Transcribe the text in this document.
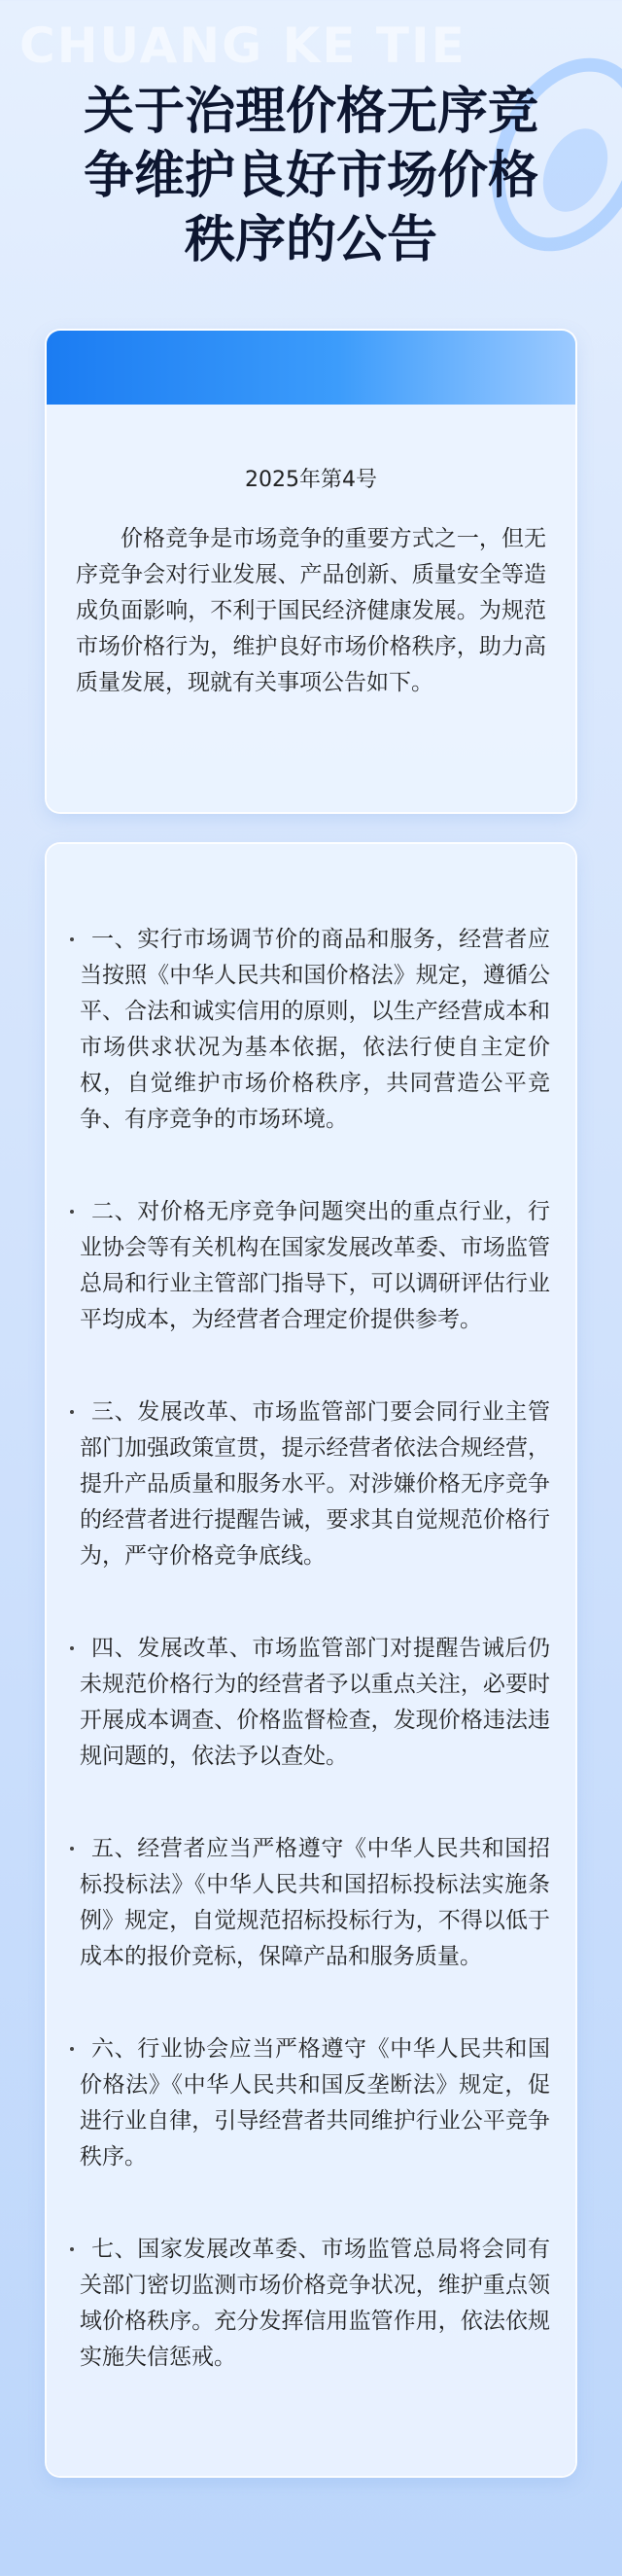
CHUANG KE TIE
关于治理价格无序竞
争维护良好市场价格
秩序的公告

2025年第4号

价格竞争是市场竞争的重要方式之一，但无序竞争会对行业发展、产品创新、质量安全等造成负面影响，不利于国民经济健康发展。为规范市场价格行为，维护良好市场价格秩序，助力高质量发展，现就有关事项公告如下。

一、实行市场调节价的商品和服务，经营者应当按照《中华人民共和国价格法》规定，遵循公平、合法和诚实信用的原则，以生产经营成本和市场供求状况为基本依据，依法行使自主定价权，自觉维护市场价格秩序，共同营造公平竞争、有序竞争的市场环境。

二、对价格无序竞争问题突出的重点行业，行业协会等有关机构在国家发展改革委、市场监管总局和行业主管部门指导下，可以调研评估行业平均成本，为经营者合理定价提供参考。

三、发展改革、市场监管部门要会同行业主管部门加强政策宣贯，提示经营者依法合规经营，提升产品质量和服务水平。对涉嫌价格无序竞争的经营者进行提醒告诫，要求其自觉规范价格行为，严守价格竞争底线。

四、发展改革、市场监管部门对提醒告诫后仍未规范价格行为的经营者予以重点关注，必要时开展成本调查、价格监督检查，发现价格违法违规问题的，依法予以查处。

五、经营者应当严格遵守《中华人民共和国招标投标法》《中华人民共和国招标投标法实施条例》规定，自觉规范招标投标行为，不得以低于成本的报价竞标，保障产品和服务质量。

六、行业协会应当严格遵守《中华人民共和国价格法》《中华人民共和国反垄断法》规定，促进行业自律，引导经营者共同维护行业公平竞争秩序。

七、国家发展改革委、市场监管总局将会同有关部门密切监测市场价格竞争状况，维护重点领域价格秩序。充分发挥信用监管作用，依法依规实施失信惩戒。
